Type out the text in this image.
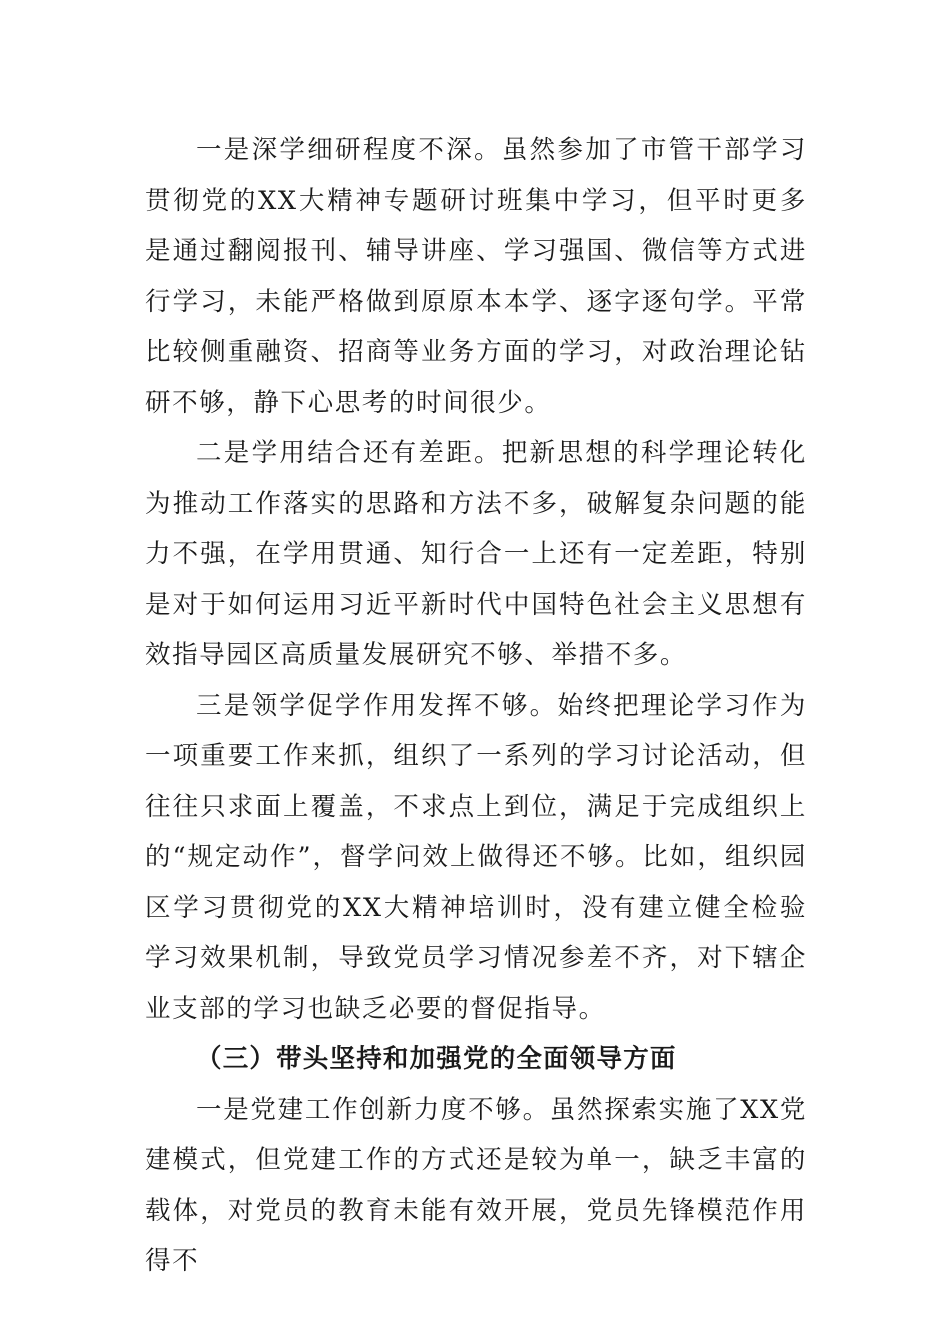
一是深学细研程度不深。虽然参加了市管干部学习贯彻党的XX大精神专题研讨班集中学习，但平时更多是通过翻阅报刊、辅导讲座、学习强国、微信等方式进行学习，未能严格做到原原本本学、逐字逐句学。平常比较侧重融资、招商等业务方面的学习，对政治理论钻研不够，静下心思考的时间很少。

二是学用结合还有差距。把新思想的科学理论转化为推动工作落实的思路和方法不多，破解复杂问题的能力不强，在学用贯通、知行合一上还有一定差距，特别是对于如何运用习近平新时代中国特色社会主义思想有效指导园区高质量发展研究不够、举措不多。

三是领学促学作用发挥不够。始终把理论学习作为一项重要工作来抓，组织了一系列的学习讨论活动，但往往只求面上覆盖，不求点上到位，满足于完成组织上的“规定动作”，督学问效上做得还不够。比如，组织园区学习贯彻党的XX大精神培训时，没有建立健全检验学习效果机制，导致党员学习情况参差不齐，对下辖企业支部的学习也缺乏必要的督促指导。

（三）带头坚持和加强党的全面领导方面

一是党建工作创新力度不够。虽然探索实施了XX党建模式，但党建工作的方式还是较为单一，缺乏丰富的载体，对党员的教育未能有效开展，党员先锋模范作用得不
